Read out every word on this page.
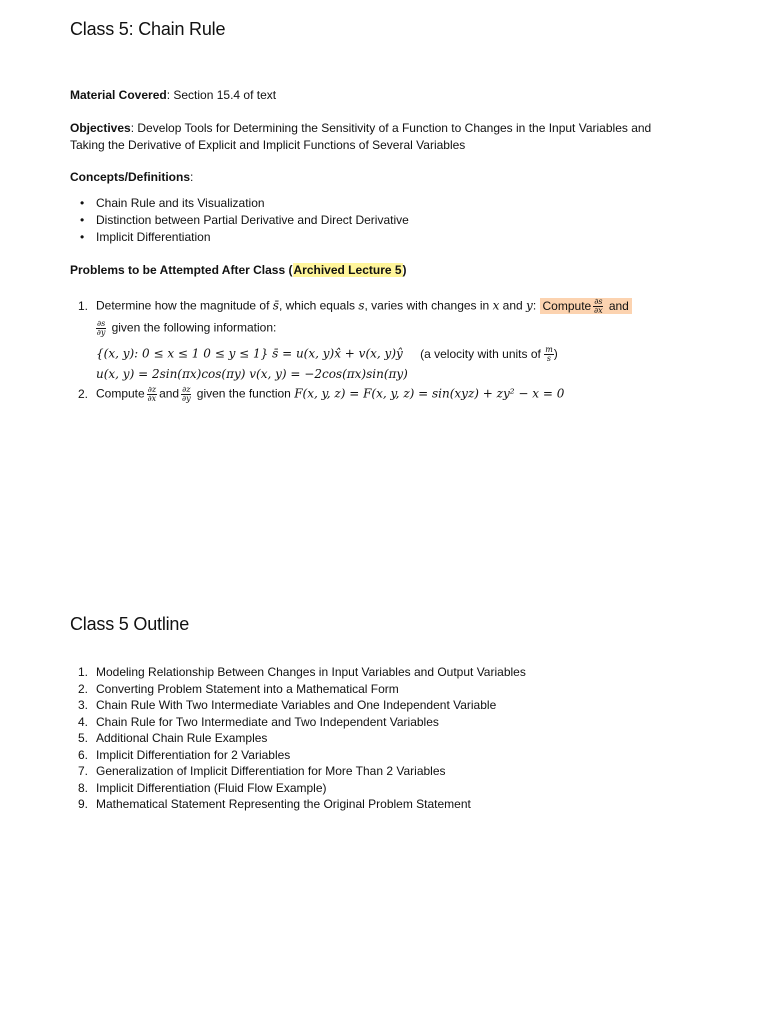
Class 5: Chain Rule
Material Covered: Section 15.4 of text
Objectives: Develop Tools for Determining the Sensitivity of a Function to Changes in the Input Variables and
Taking the Derivative of Explicit and Implicit Functions of Several Variables
Concepts/Definitions:
• Chain Rule and its Visualization
• Distinction between Partial Derivative and Direct Derivative
• Implicit Differentiation
Problems to be Attempted After Class (Archived Lecture 5)
1. Determine how the magnitude of s̄, which equals s, varies with changes in x and y: Compute $\frac{\partial s}{\partial x}$ and
$\frac{\partial s}{\partial y}$ given the following information:
{(x, y): 0 ≤ x ≤ 1 0 ≤ y ≤ 1} s̄ = u(x, y)x̂ + v(x, y)ŷ (a velocity with units of $\frac{m}{s}$ )
u(x, y) = 2sin(πx)cos(πy) v(x, y) = −2cos(πx)sin(πy)
2. Compute $\frac{\partial z}{\partial x}$ and $\frac{\partial z}{\partial y}$ given the function F(x, y, z) = F(x, y, z) = sin(xyz) + zy² − x = 0
Class 5 Outline
1. Modeling Relationship Between Changes in Input Variables and Output Variables
2. Converting Problem Statement into a Mathematical Form
3. Chain Rule With Two Intermediate Variables and One Independent Variable
4. Chain Rule for Two Intermediate and Two Independent Variables
5. Additional Chain Rule Examples
6. Implicit Differentiation for 2 Variables
7. Generalization of Implicit Differentiation for More Than 2 Variables
8. Implicit Differentiation (Fluid Flow Example)
9. Mathematical Statement Representing the Original Problem Statement
